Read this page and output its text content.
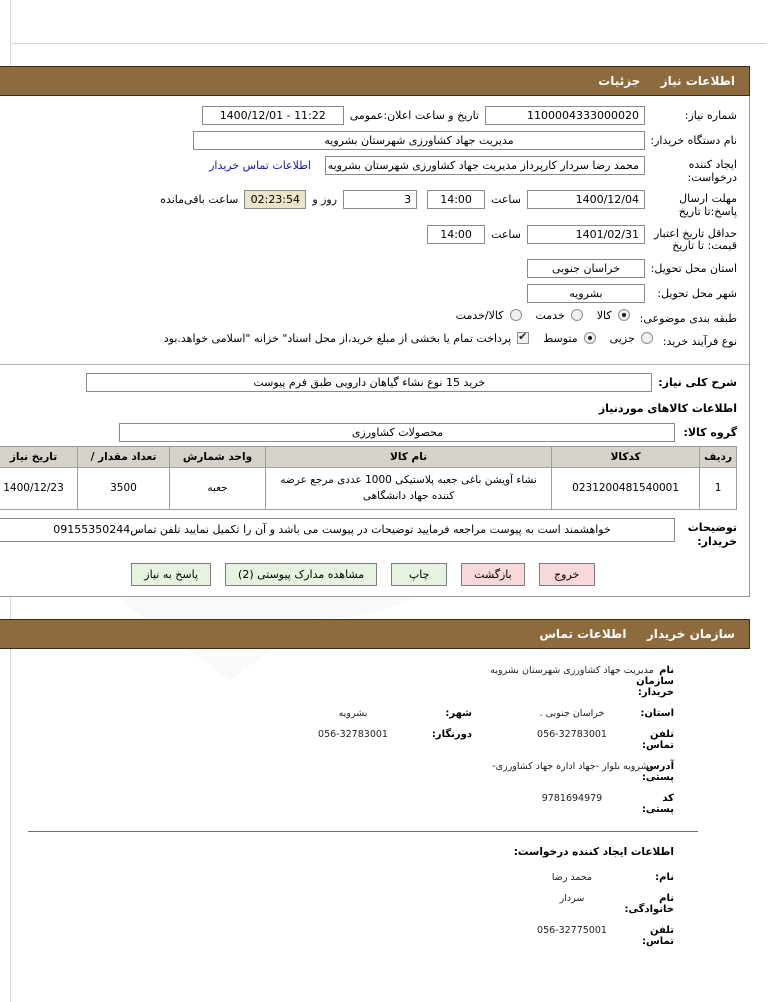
اطلاعات نیاز  جزئیات
شماره نیاز:
1100004333000020
تاریخ و ساعت اعلان:عمومی
11:22 - 1400/12/01
نام دستگاه خریدار:
مدیریت جهاد کشاورزی شهرستان بشرویه
ایجاد کننده درخواست:
محمد رضا سردار کارپرداز مدیریت جهاد کشاورزی شهرستان بشرویه
اطلاعات تماس خریدار
مهلت ارسال پاسخ:تا تاریخ
1400/12/04
ساعت
14:00
3
روز و
02:23:54
ساعت باقی‌مانده
حداقل تاریخ اعتبار قیمت: تا تاریخ
1401/02/31
ساعت
14:00
استان محل تحویل:
خراسان جنوبی
شهر محل تحویل:
بشرویه
طبقه بندی موضوعی:
کالا
خدمت
کالا/خدمت
نوع فرآیند خرید:
جزیی
متوسط
✔
پرداخت تمام یا بخشی از مبلغ خرید،از محل اسناد" خزانه "اسلامی خواهد.بود
شرح کلی نیاز:
خرید 15 نوع نشاء گیاهان دارویی طبق فرم پیوست
اطلاعات کالاهای موردنیاز
گروه کالا:
محصولات کشاورزی
ردیف	کدکالا	نام کالا	واحد شمارش	تعداد مقدار /	تاریخ نیاز
1	0231200481540001	نشاء آویشن باغی جعبه پلاستیکی 1000 عددی مرجع عرضه کننده جهاد دانشگاهی	جعبه	3500	1400/12/23
توضیحات خریدار:
خواهشمند است به پیوست مراجعه فرمایید توضیحات در پیوست می باشد و آن را تکمیل نمایید تلفن تماس09155350244
خروج
بازگشت
چاپ
مشاهده مدارک پیوستی (2)
پاسخ به نیاز
سازمان خریدار  اطلاعات تماس
نام سازمان خریدار:
مدیریت جهاد کشاورزی شهرستان بشرویه
استان:
خراسان جنوبی .
شهر:
بشرویه
تلفن تماس:
056-32783001
دورنگار:
056-32783001
آدرس پستی:
بشرویه بلوار -جهاد اداره جهاد کشاورزی-
کد پستی:
9781694979
اطلاعات ایجاد کننده درخواست:
نام:
محمد رضا
نام خانوادگی:
سردار
تلفن تماس:
056-32775001
